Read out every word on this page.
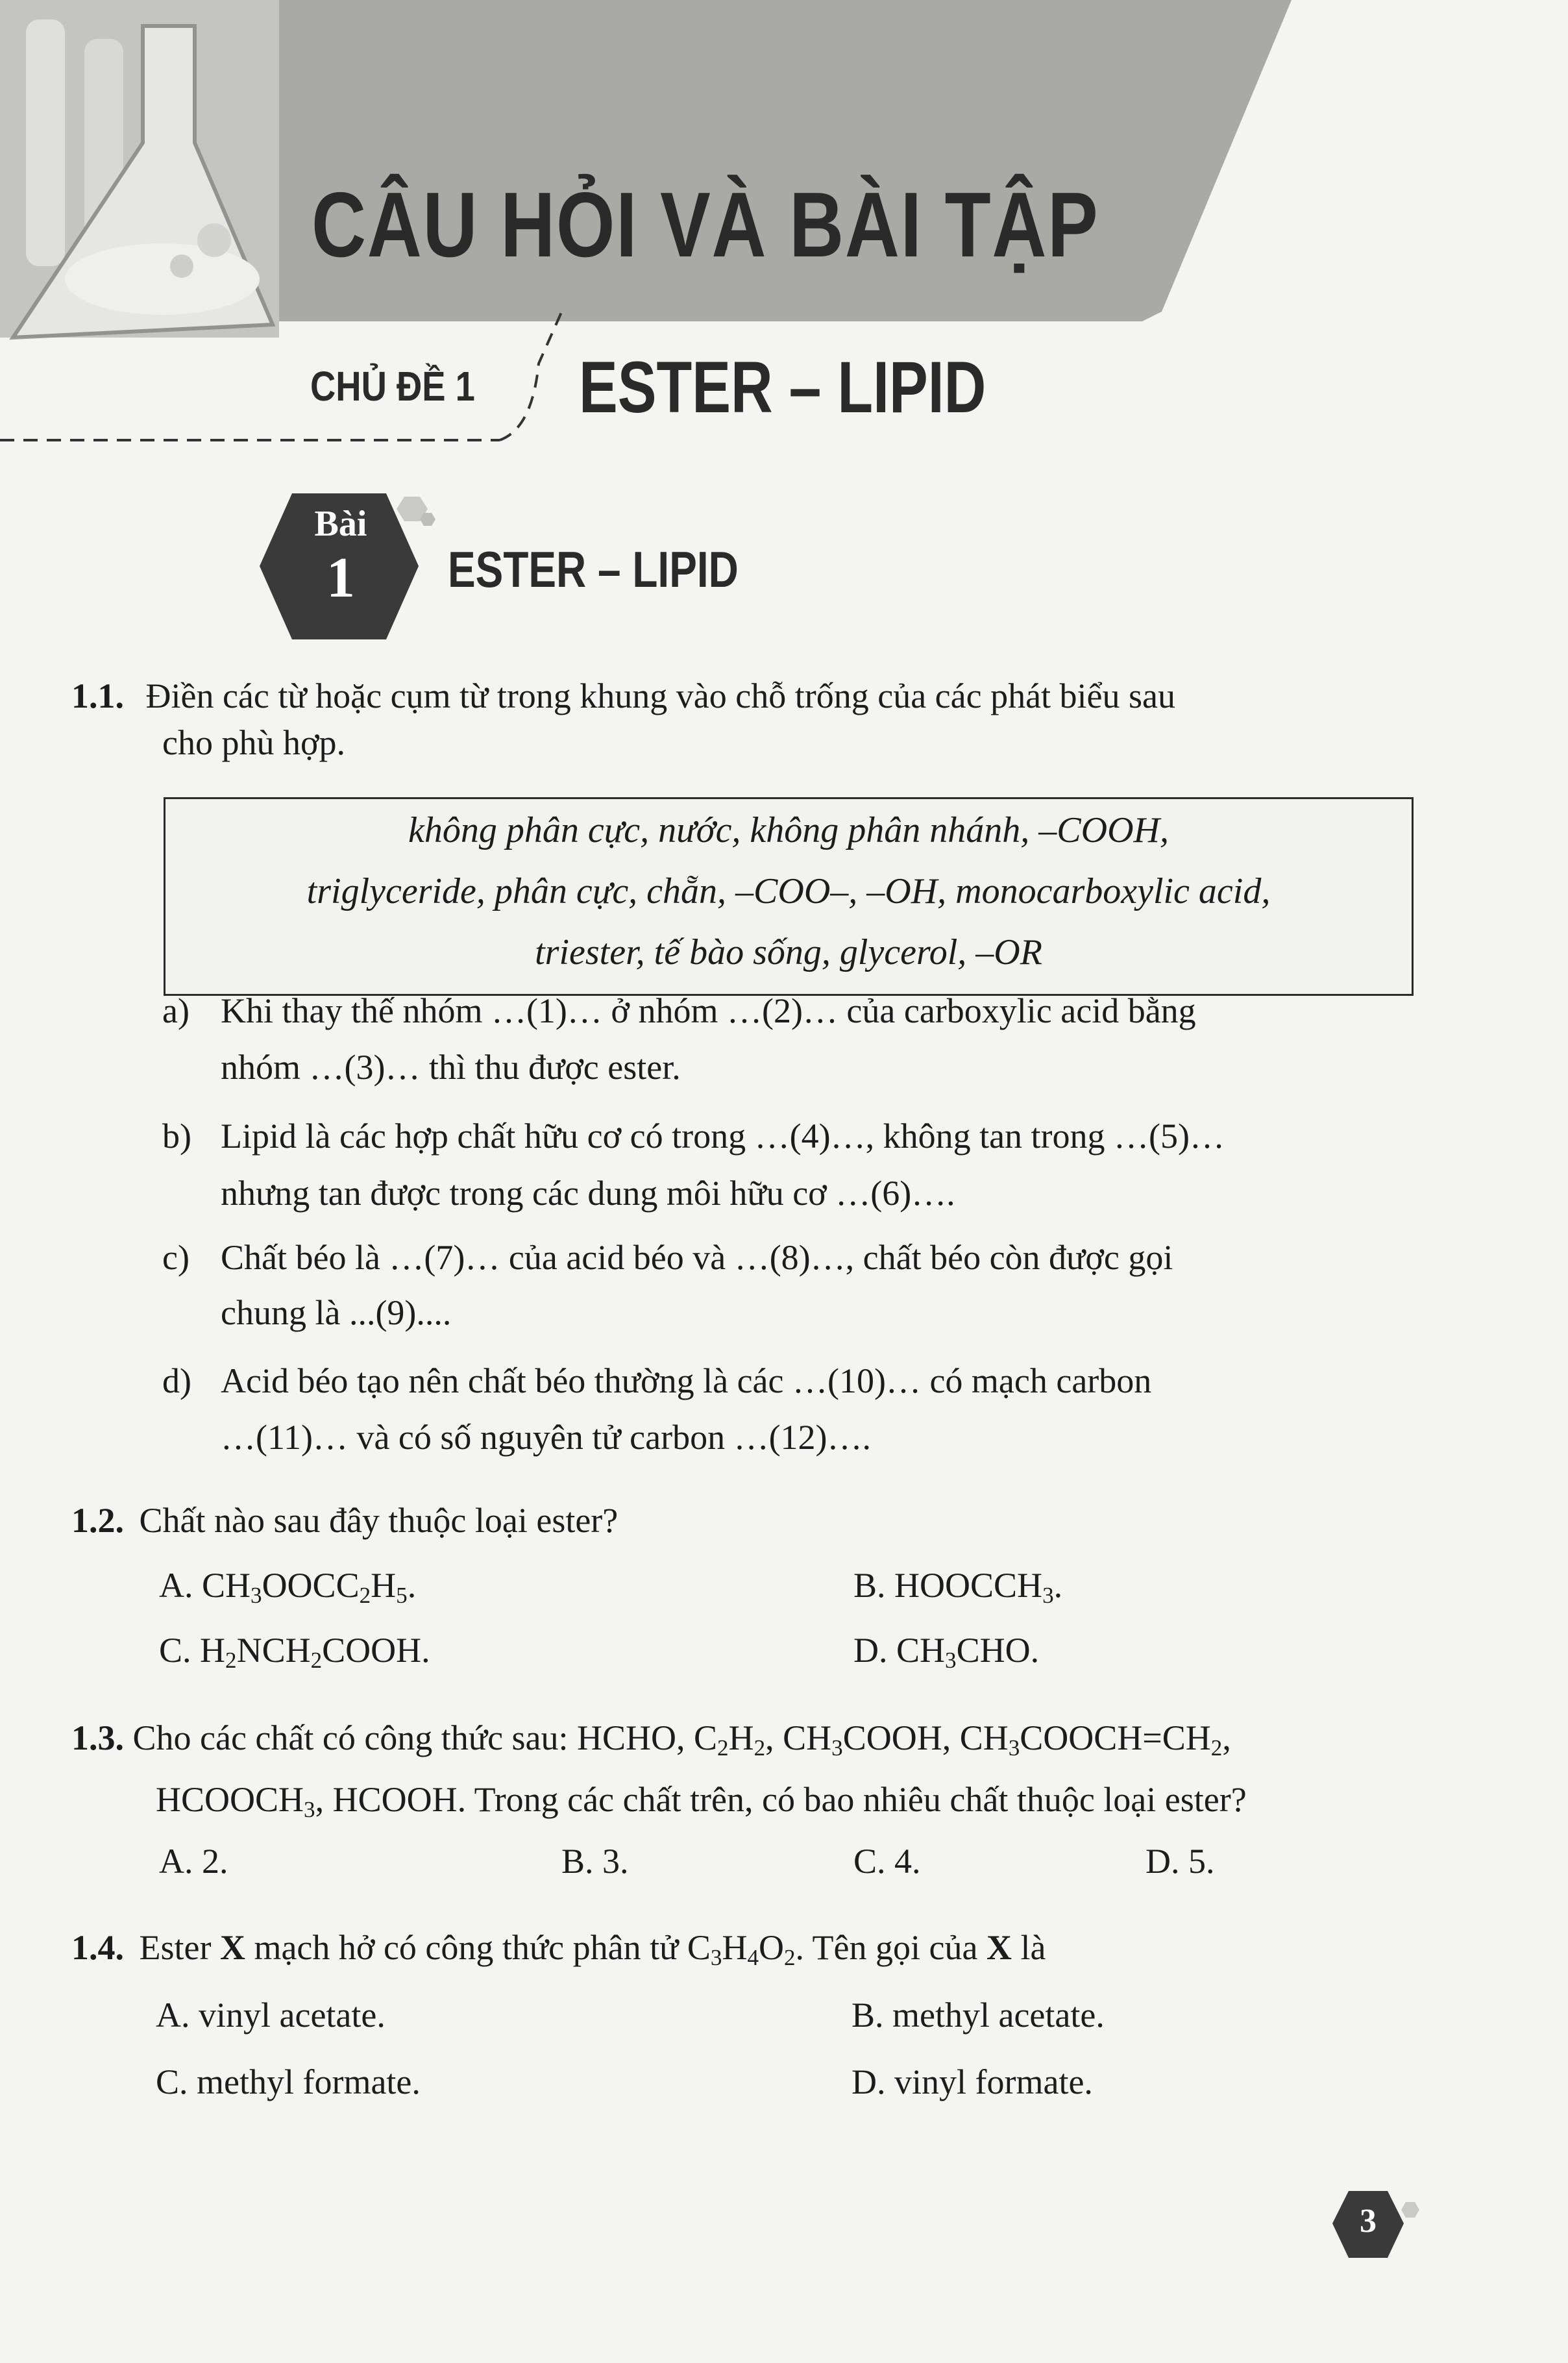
CÂU HỎI VÀ BÀI TẬP
CHỦ ĐỀ 1 ESTER – LIPID
Bài
1	ESTER – LIPID
1.1. Điền các từ hoặc cụm từ trong khung vào chỗ trống của các phát biểu sau
cho phù hợp.
không phân cực, nước, không phân nhánh, –COOH,
triglyceride, phân cực, chẵn, –COO–, –OH, monocarboxylic acid,
triester, tế bào sống, glycerol, –OR
a) Khi thay thế nhóm …(1)… ở nhóm …(2)… của carboxylic acid bằng
nhóm …(3)… thì thu được ester.
b) Lipid là các hợp chất hữu cơ có trong …(4)…, không tan trong …(5)…
nhưng tan được trong các dung môi hữu cơ …(6)….
c) Chất béo là …(7)… của acid béo và …(8)…, chất béo còn được gọi
chung là ...(9)....
d) Acid béo tạo nên chất béo thường là các …(10)… có mạch carbon
…(11)… và có số nguyên tử carbon …(12)….
1.2. Chất nào sau đây thuộc loại ester?
A. $CH_3OOCC_2H_5$.	B. $HOOCCH_3$.
C. $H_2NCH_2COOH$.	D. $CH_3CHO$.
1.3. Cho các chất có công thức sau: HCHO, $C_2H_2$, $CH_3COOH$, $CH_3COOCH=CH_2$,
$HCOOCH_3$, HCOOH. Trong các chất trên, có bao nhiêu chất thuộc loại ester?
A. 2.	B. 3.	C. 4.	D. 5.
1.4. Ester X mạch hở có công thức phân tử $C_3H_4O_2$. Tên gọi của X là
A. vinyl acetate.	B. methyl acetate.
C. methyl formate.	D. vinyl formate.
3
